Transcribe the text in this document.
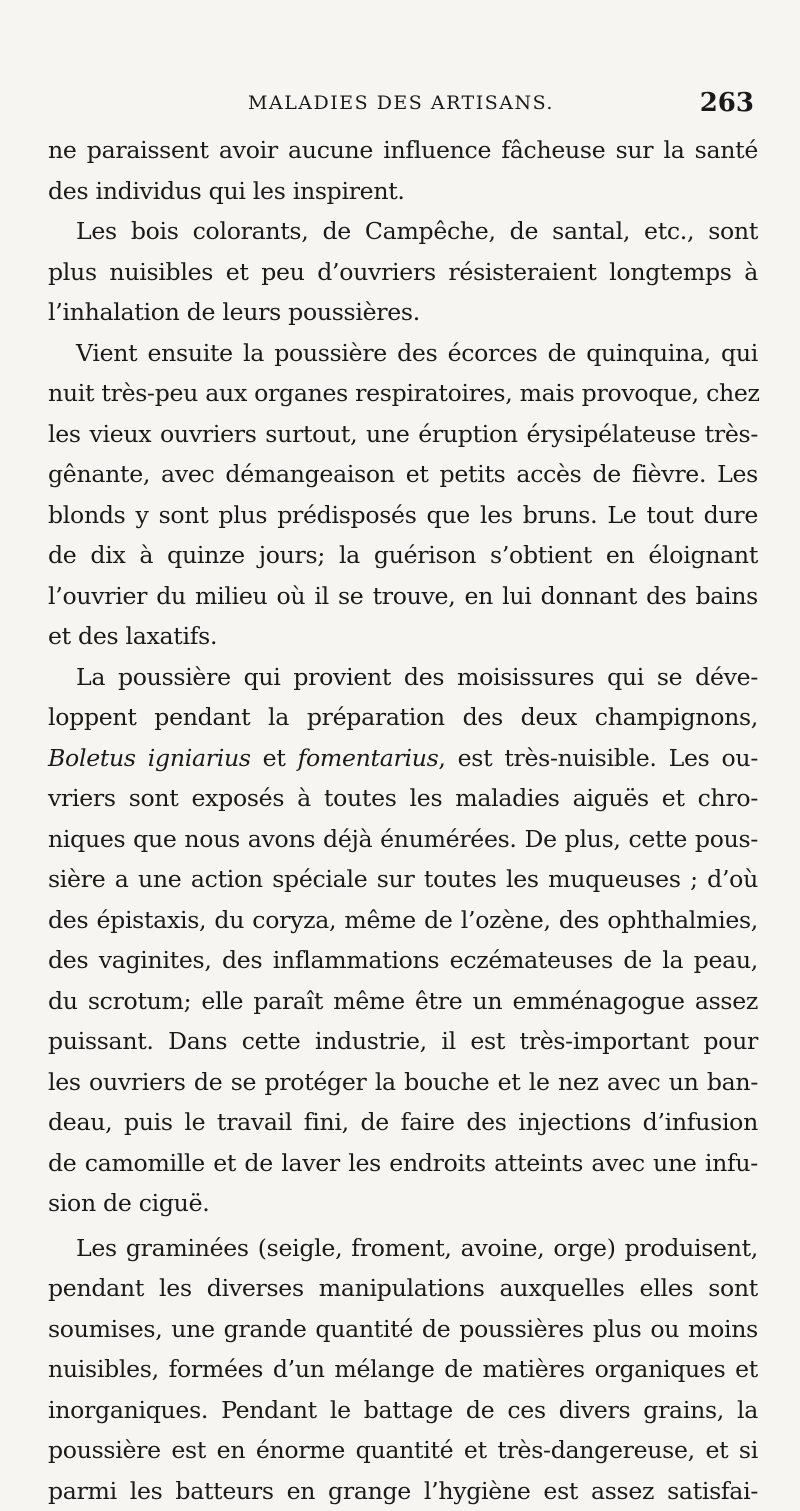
MALADIES DES ARTISANS.	263
ne paraissent avoir aucune influence fâcheuse sur la santé
des individus qui les inspirent.
Les bois colorants, de Campêche, de santal, etc., sont
plus nuisibles et peu d’ouvriers résisteraient longtemps à
l’inhalation de leurs poussières.
Vient ensuite la poussière des écorces de quinquina, qui
nuit très-peu aux organes respiratoires, mais provoque, chez
les vieux ouvriers surtout, une éruption érysipélateuse très-
gênante, avec démangeaison et petits accès de fièvre. Les
blonds y sont plus prédisposés que les bruns. Le tout dure
de dix à quinze jours; la guérison s’obtient en éloignant
l’ouvrier du milieu où il se trouve, en lui donnant des bains
et des laxatifs.
La poussière qui provient des moisissures qui se déve-
loppent pendant la préparation des deux champignons,
Boletus igniarius et fomentarius, est très-nuisible. Les ou-
vriers sont exposés à toutes les maladies aiguës et chro-
niques que nous avons déjà énumérées. De plus, cette pous-
sière a une action spéciale sur toutes les muqueuses ; d’où
des épistaxis, du coryza, même de l’ozène, des ophthalmies,
des vaginites, des inflammations eczémateuses de la peau,
du scrotum; elle paraît même être un emménagogue assez
puissant. Dans cette industrie, il est très-important pour
les ouvriers de se protéger la bouche et le nez avec un ban-
deau, puis le travail fini, de faire des injections d’infusion
de camomille et de laver les endroits atteints avec une infu-
sion de ciguë.
Les graminées (seigle, froment, avoine, orge) produisent,
pendant les diverses manipulations auxquelles elles sont
soumises, une grande quantité de poussières plus ou moins
nuisibles, formées d’un mélange de matières organiques et
inorganiques. Pendant le battage de ces divers grains, la
poussière est en énorme quantité et très-dangereuse, et si
parmi les batteurs en grange l’hygiène est assez satisfai-
